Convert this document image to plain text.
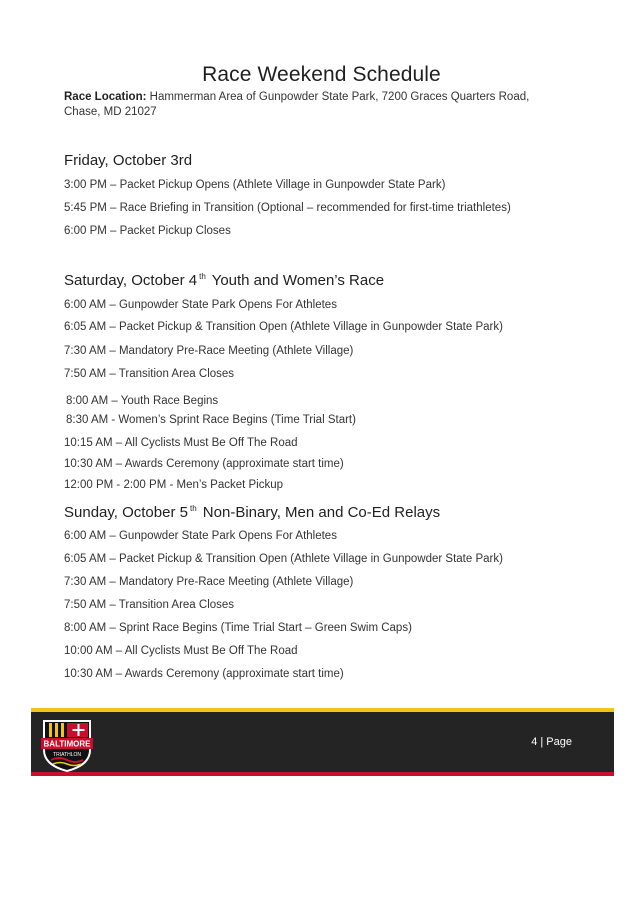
Race Weekend Schedule
Race Location: Hammerman Area of Gunpowder State Park, 7200 Graces Quarters Road,
Chase, MD 21027
Friday, October 3rd
3:00 PM – Packet Pickup Opens (Athlete Village in Gunpowder State Park)
5:45 PM – Race Briefing in Transition (Optional – recommended for first-time triathletes)
6:00 PM – Packet Pickup Closes
Saturday, October 4 $^{th}$ Youth and Women’s Race
6:00 AM – Gunpowder State Park Opens For Athletes
6:05 AM – Packet Pickup & Transition Open (Athlete Village in Gunpowder State Park)
7:30 AM – Mandatory Pre-Race Meeting (Athlete Village)
7:50 AM – Transition Area Closes
8:00 AM – Youth Race Begins
8:30 AM - Women’s Sprint Race Begins (Time Trial Start)
10:15 AM – All Cyclists Must Be Off The Road
10:30 AM – Awards Ceremony (approximate start time)
12:00 PM - 2:00 PM - Men’s Packet Pickup
Sunday, October 5 $^{th}$ Non-Binary, Men and Co-Ed Relays
6:00 AM – Gunpowder State Park Opens For Athletes
6:05 AM – Packet Pickup & Transition Open (Athlete Village in Gunpowder State Park)
7:30 AM – Mandatory Pre-Race Meeting (Athlete Village)
7:50 AM – Transition Area Closes
8:00 AM – Sprint Race Begins (Time Trial Start – Green Swim Caps)
10:00 AM – All Cyclists Must Be Off The Road
10:30 AM – Awards Ceremony (approximate start time)
BALTIMORE
TRIATHLON
4 | Page
